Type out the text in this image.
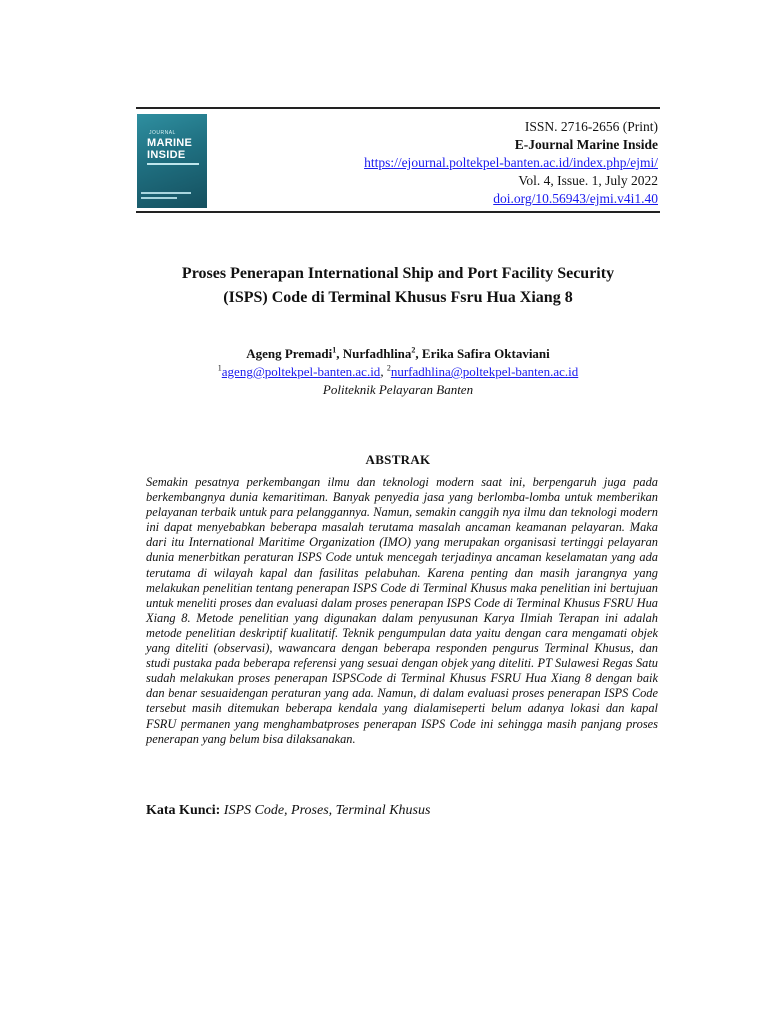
JOURNAL
MARINE
INSIDE
ISSN. 2716-2656 (Print)
E-Journal Marine Inside
https://ejournal.poltekpel-banten.ac.id/index.php/ejmi/
Vol. 4, Issue. 1, July 2022
doi.org/10.56943/ejmi.v4i1.40
Proses Penerapan International Ship and Port Facility Security
(ISPS) Code di Terminal Khusus Fsru Hua Xiang 8
Ageng Premadi$^1$, Nurfadhlina$^2$, Erika Safira Oktaviani
$^1$ageng@poltekpel-banten.ac.id, $^2$nurfadhlina@poltekpel-banten.ac.id
Politeknik Pelayaran Banten
ABSTRAK
Semakin pesatnya perkembangan ilmu dan teknologi modern saat ini, berpengaruh juga pada berkembangnya dunia kemaritiman. Banyak penyedia jasa yang berlomba-lomba untuk memberikan pelayanan terbaik untuk para pelanggannya. Namun, semakin canggih nya ilmu dan teknologi modern ini dapat menyebabkan beberapa masalah terutama masalah ancaman keamanan pelayaran. Maka dari itu International Maritime Organization (IMO) yang merupakan organisasi tertinggi pelayaran dunia menerbitkan peraturan ISPS Code untuk mencegah terjadinya ancaman keselamatan yang ada terutama di wilayah kapal dan fasilitas pelabuhan. Karena penting dan masih jarangnya yang melakukan penelitian tentang penerapan ISPS Code di Terminal Khusus maka penelitian ini bertujuan untuk meneliti proses dan evaluasi dalam proses penerapan ISPS Code di Terminal Khusus FSRU Hua Xiang 8. Metode penelitian yang digunakan dalam penyusunan Karya Ilmiah Terapan ini adalah metode penelitian deskriptif kualitatif. Teknik pengumpulan data yaitu dengan cara mengamati objek yang diteliti (observasi), wawancara dengan beberapa responden pengurus Terminal Khusus, dan studi pustaka pada beberapa referensi yang sesuai dengan objek yang diteliti. PT Sulawesi Regas Satu sudah melakukan proses penerapan ISPSCode di Terminal Khusus FSRU Hua Xiang 8 dengan baik dan benar sesuaidengan peraturan yang ada. Namun, di dalam evaluasi proses penerapan ISPS Code tersebut masih ditemukan beberapa kendala yang dialamiseperti belum adanya lokasi dan kapal FSRU permanen yang menghambatproses penerapan ISPS Code ini sehingga masih panjang proses penerapan yang belum bisa dilaksanakan.
Kata Kunci: ISPS Code, Proses, Terminal Khusus
